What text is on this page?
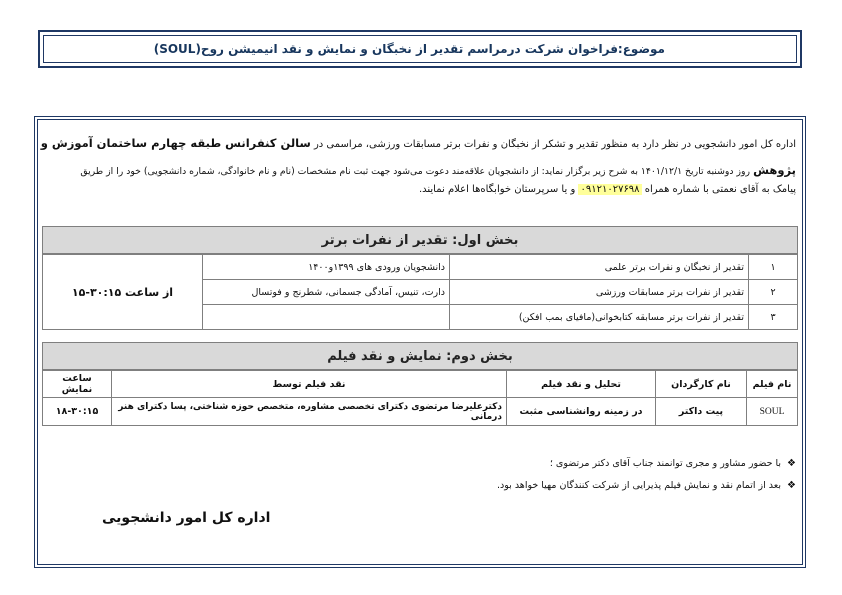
موضوع:فراخوان شرکت درمراسم تقدیر از نخبگان و نمایش و نقد انیمیشن روح(SOUL)
اداره کل امور دانشجویی در نظر دارد به منظور تقدیر و تشکر از نخبگان و نفرات برتر مسابقات ورزشی، مراسمی در سالن کنفرانس طبقه چهارم ساختمان آموزش و
پژوهش روز دوشنبه تاریخ ۱۴۰۱/۱۲/۱ به شرح زیر برگزار نماید: از دانشجویان علاقه‌مند دعوت می‌شود جهت ثبت نام مشخصات (نام و نام خانوادگی، شماره دانشجویی) خود را از طریق
پیامک به آقای نعمتی با شماره همراه ۰۹۱۲۱۰۲۷۶۹۸ و یا سرپرستان خوابگاه‌ها اعلام نمایند.
بخش اول: تقدیر از نفرات برتر
۱	تقدیر از نخبگان و نفرات برتر علمی	دانشجویان ورودی های ۱۳۹۹و۱۴۰۰	از ساعت ۳۰:۱۵-۱۵
۲	تقدیر از نفرات برتر مسابقات ورزشی	دارت، تنیس، آمادگی جسمانی، شطرنج و فوتسال	
۳	تقدیر از نفرات برتر مسابقه کتابخوانی(مافیای بمب افکن)		
بخش دوم: نمایش و نقد فیلم
نام فیلم	نام کارگردان	تحلیل و نقد فیلم	نقد فیلم توسط	ساعت نمایش
SOUL	پیت داکتر	در زمینه روانشناسی مثبت	دکترعلیرضا مرتضوی دکترای تخصصی مشاوره، متخصص حوزه شناختی، پسا دکترای هنر درمانی	۱۸-۳۰:۱۵
❖با حضور مشاور و مجری توانمند جناب آقای دکتر مرتضوی ؛
❖بعد از اتمام نقد و نمایش فیلم پذیرایی از شرکت کنندگان مهیا خواهد بود.
اداره کل امور دانشجویی
